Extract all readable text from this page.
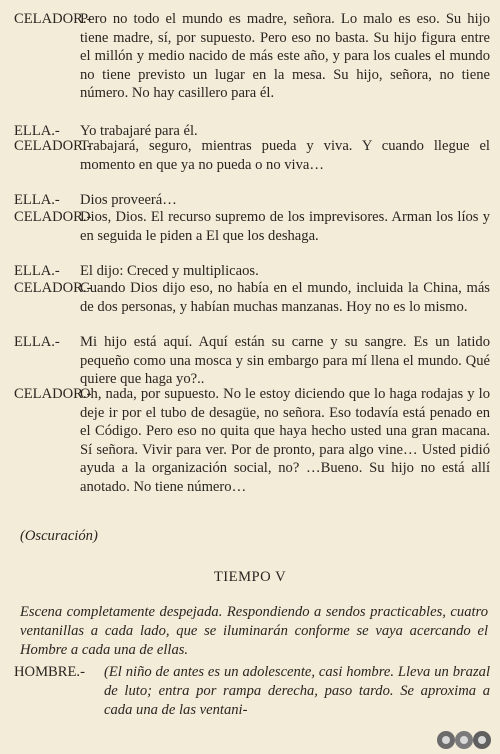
CELADOR.-
Pero no todo el mundo es madre, señora. Lo malo es eso. Su hijo tiene madre, sí, por supuesto. Pero eso no basta. Su hijo figura entre el millón y medio nacido de más este año, y para los cuales el mundo no tiene previsto un lugar en la mesa. Su hijo, señora, no tiene número. No hay casillero para él.
ELLA.- Yo trabajaré para él.
CELADOR.-
Trabajará, seguro, mientras pueda y viva. Y cuando llegue el momento en que ya no pueda o no viva…
ELLA.- Dios proveerá…
CELADOR.-
Dios, Dios. El recurso supremo de los imprevisores. Arman los líos y en seguida le piden a El que los deshaga.
ELLA.- El dijo: Creced y multiplicaos.
CELADOR.-
Cuando Dios dijo eso, no había en el mundo, incluida la China, más de dos personas, y habían muchas manzanas. Hoy no es lo mismo.
ELLA.- Mi hijo está aquí. Aquí están su carne y su sangre. Es un latido pequeño como una mosca y sin embargo para mí llena el mundo. Qué quiere que haga yo?..
CELADOR.-
Oh, nada, por supuesto. No le estoy diciendo que lo haga rodajas y lo deje ir por el tubo de desagüe, no señora. Eso todavía está penado en el Código. Pero eso no quita que haya hecho usted una gran macana. Sí señora. Vivir para ver. Por de pronto, para algo vine… Usted pidió ayuda a la organización social, no? …Bueno. Su hijo no está allí anotado. No tiene número…
(Oscuración)
TIEMPO V
Escena completamente despejada. Respondiendo a sendos practicables, cuatro ventanillas a cada lado, que se iluminarán conforme se vaya acercando el Hombre a cada una de ellas.
HOMBRE.- (El niño de antes es un adolescente, casi hombre. Lleva un brazal de luto; entra por rampa derecha, paso tardo. Se aproxima a cada una de las ventani-
